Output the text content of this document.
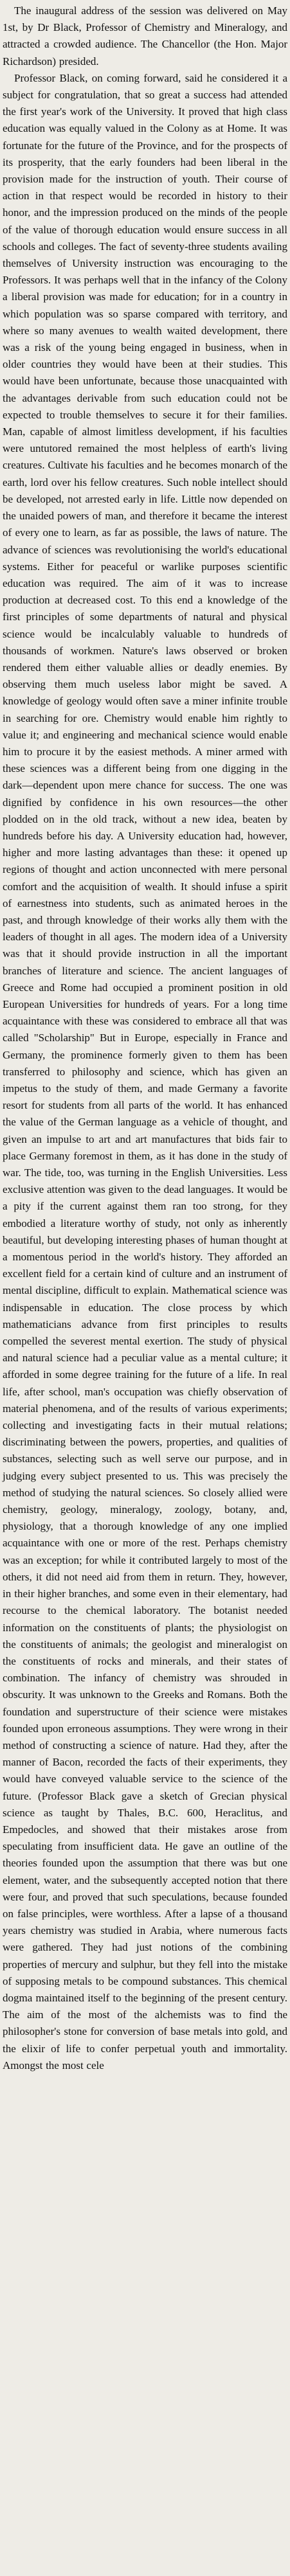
The inaugural address of the session was delivered on May 1st, by Dr Black, Professor of Chemistry and Mineralogy, and attracted a crowded audience. The Chancellor (the Hon. Major Richardson) presided.

Professor Black, on coming forward, said he considered it a subject for congratulation, that so great a success had attended the first year's work of the University. It proved that high class education was equally valued in the Colony as at Home. It was fortunate for the future of the Province, and for the prospects of its prosperity, that the early founders had been liberal in the provision made for the instruction of youth. Their course of action in that respect would be recorded in history to their honor, and the impression produced on the minds of the people of the value of thorough education would ensure success in all schools and colleges. The fact of seventy-three students availing themselves of University instruction was encouraging to the Professors. It was perhaps well that in the infancy of the Colony a liberal provision was made for education; for in a country in which population was so sparse compared with territory, and where so many avenues to wealth waited development, there was a risk of the young being engaged in business, when in older countries they would have been at their studies. This would have been unfortunate, because those unacquainted with the advantages derivable from such education could not be expected to trouble themselves to secure it for their families. Man, capable of almost limitless development, if his faculties were untutored remained the most helpless of earth's living creatures. Cultivate his faculties and he becomes monarch of the earth, lord over his fellow creatures. Such noble intellect should be developed, not arrested early in life. Little now depended on the unaided powers of man, and therefore it became the interest of every one to learn, as far as possible, the laws of nature. The advance of sciences was revolutionising the world's educational systems. Either for peaceful or warlike purposes scientific education was required. The aim of it was to increase production at decreased cost. To this end a knowledge of the first principles of some departments of natural and physical science would be incalculably valuable to hundreds of thousands of workmen. Nature's laws observed or broken rendered them either valuable allies or deadly enemies. By observing them much useless labor might be saved. A knowledge of geology would often save a miner infinite trouble in searching for ore. Chemistry would enable him rightly to value it; and engineering and mechanical science would enable him to procure it by the easiest methods. A miner armed with these sciences was a different being from one digging in the dark—dependent upon mere chance for success. The one was dignified by confidence in his own resources—the other plodded on in the old track, without a new idea, beaten by hundreds before his day. A University education had, however, higher and more lasting advantages than these: it opened up regions of thought and action unconnected with mere personal comfort and the acquisition of wealth. It should infuse a spirit of earnestness into students, such as animated heroes in the past, and through knowledge of their works ally them with the leaders of thought in all ages. The modern idea of a University was that it should provide instruction in all the important branches of literature and science. The ancient languages of Greece and Rome had occupied a prominent position in old European Universities for hundreds of years. For a long time acquaintance with these was considered to embrace all that was called "Scholarship" But in Europe, especially in France and Germany, the prominence formerly given to them has been transferred to philosophy and science, which has given an impetus to the study of them, and made Germany a favorite resort for students from all parts of the world. It has enhanced the value of the German language as a vehicle of thought, and given an impulse to art and art manufactures that bids fair to place Germany foremost in them, as it has done in the study of war. The tide, too, was turning in the English Universities. Less exclusive attention was given to the dead languages. It would be a pity if the current against them ran too strong, for they embodied a literature worthy of study, not only as inherently beautiful, but developing interesting phases of human thought at a momentous period in the world's history. They afforded an excellent field for a certain kind of culture and an instrument of mental discipline, difficult to explain. Mathematical science was indispensable in education. The close process by which mathematicians advance from first principles to results compelled the severest mental exertion. The study of physical and natural science had a peculiar value as a mental culture; it afforded in some degree training for the future of a life. In real life, after school, man's occupation was chiefly observation of material phenomena, and of the results of various experiments; collecting and investigating facts in their mutual relations; discriminating between the powers, properties, and qualities of substances, selecting such as well serve our purpose, and in judging every subject presented to us. This was precisely the method of studying the natural sciences. So closely allied were chemistry, geology, mineralogy, zoology, botany, and, physiology, that a thorough knowledge of any one implied acquaintance with one or more of the rest. Perhaps chemistry was an exception; for while it contributed largely to most of the others, it did not need aid from them in return. They, however, in their higher branches, and some even in their elementary, had recourse to the chemical laboratory. The botanist needed information on the constituents of plants; the physiologist on the constituents of animals; the geologist and mineralogist on the constituents of rocks and minerals, and their states of combination. The infancy of chemistry was shrouded in obscurity. It was unknown to the Greeks and Romans. Both the foundation and superstructure of their science were mistakes founded upon erroneous assumptions. They were wrong in their method of constructing a science of nature. Had they, after the manner of Bacon, recorded the facts of their experiments, they would have conveyed valuable service to the science of the future. (Professor Black gave a sketch of Grecian physical science as taught by Thales, B.C. 600, Heraclitus, and Empedocles, and showed that their mistakes arose from speculating from insufficient data. He gave an outline of the theories founded upon the assumption that there was but one element, water, and the subsequently accepted notion that there were four, and proved that such speculations, because founded on false principles, were worthless. After a lapse of a thousand years chemistry was studied in Arabia, where numerous facts were gathered. They had just notions of the combining properties of mercury and sulphur, but they fell into the mistake of supposing metals to be compound substances. This chemical dogma maintained itself to the beginning of the present century. The aim of the most of the alchemists was to find the philosopher's stone for conversion of base metals into gold, and the elixir of life to confer perpetual youth and immortality. Amongst the most cele
